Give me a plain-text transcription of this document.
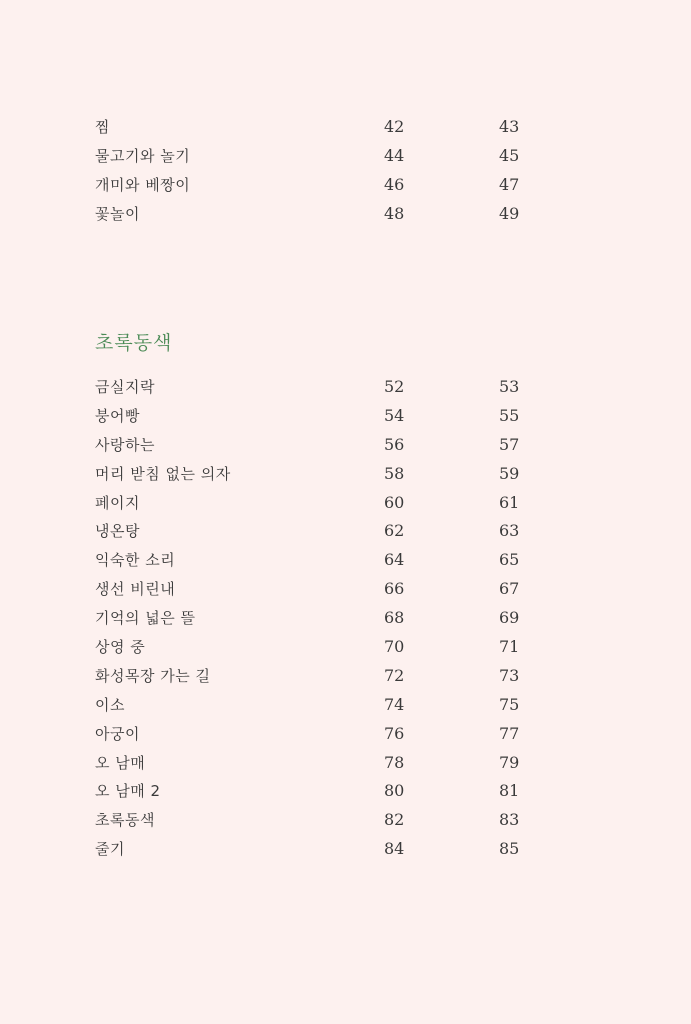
찜	42	43
물고기와 놀기	44	45
개미와 베짱이	46	47
꽃놀이	48	49
초록동색
금실지락	52	53
붕어빵	54	55
사랑하는	56	57
머리 받침 없는 의자	58	59
페이지	60	61
냉온탕	62	63
익숙한 소리	64	65
생선 비린내	66	67
기억의 넓은 뜰	68	69
상영 중	70	71
화성목장 가는 길	72	73
이소	74	75
아궁이	76	77
오 남매	78	79
오 남매 2	80	81
초록동색	82	83
줄기	84	85
